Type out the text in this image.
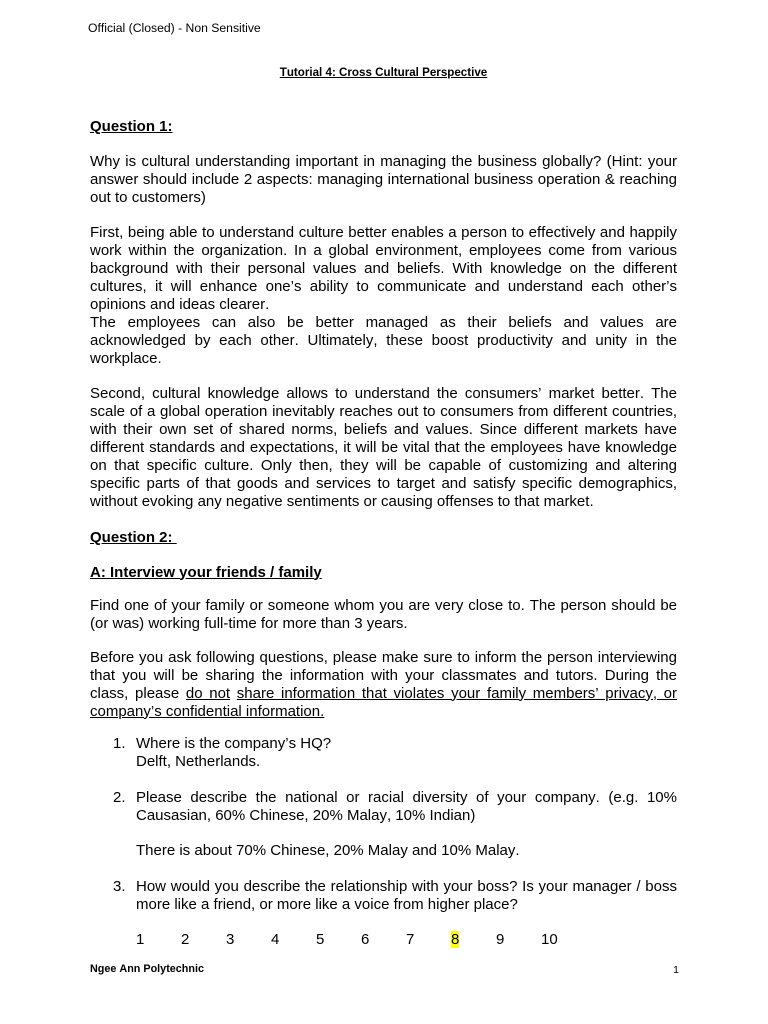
Official (Closed) - Non Sensitive
Tutorial 4: Cross Cultural Perspective
Question 1:

Why is cultural understanding important in managing the business globally? (Hint: your answer should include 2 aspects: managing international business operation & reaching out to customers)

First, being able to understand culture better enables a person to effectively and happily work within the organization. In a global environment, employees come from various background with their personal values and beliefs. With knowledge on the different cultures, it will enhance one’s ability to communicate and understand each other’s opinions and ideas clearer.

The employees can also be better managed as their beliefs and values are acknowledged by each other. Ultimately, these boost productivity and unity in the workplace.

Second, cultural knowledge allows to understand the consumers’ market better. The scale of a global operation inevitably reaches out to consumers from different countries, with their own set of shared norms, beliefs and values. Since different markets have different standards and expectations, it will be vital that the employees have knowledge on that specific culture. Only then, they will be capable of customizing and altering specific parts of that goods and services to target and satisfy specific demographics, without evoking any negative sentiments or causing offenses to that market.

Question 2:
A: Interview your friends / family

Find one of your family or someone whom you are very close to. The person should be (or was) working full-time for more than 3 years.

Before you ask following questions, please make sure to inform the person interviewing that you will be sharing the information with your classmates and tutors. During the class, please do not share information that violates your family members’ privacy, or company’s confidential information.
1. Where is the company’s HQ?

Delft, Netherlands.

2. Please describe the national or racial diversity of your company. (e.g. 10% Causasian, 60% Chinese, 20% Malay, 10% Indian)

There is about 70% Chinese, 20% Malay and 10% Malay.
3. How would you describe the relationship with your boss? Is your manager / boss more like a friend, or more like a voice from higher place?

1	2	3	4	5	6	7	8	9	10
Ngee Ann Polytechnic	1
